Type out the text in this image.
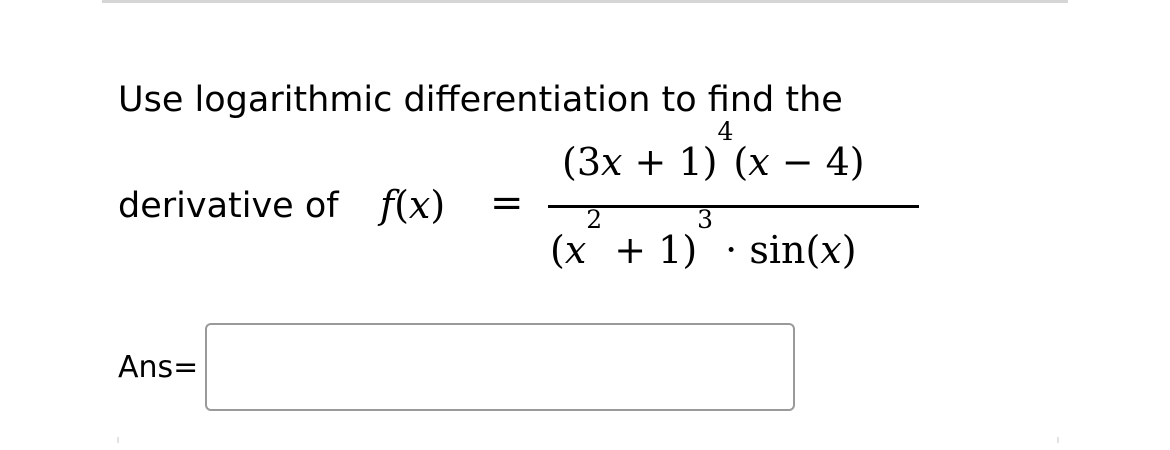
Use logarithmic differentiation to find the
derivative of f(x) =
$(3x + 1)^4(x - 4)$
$(x^2 + 1)^3 \cdot \sin(x)$
Ans=
